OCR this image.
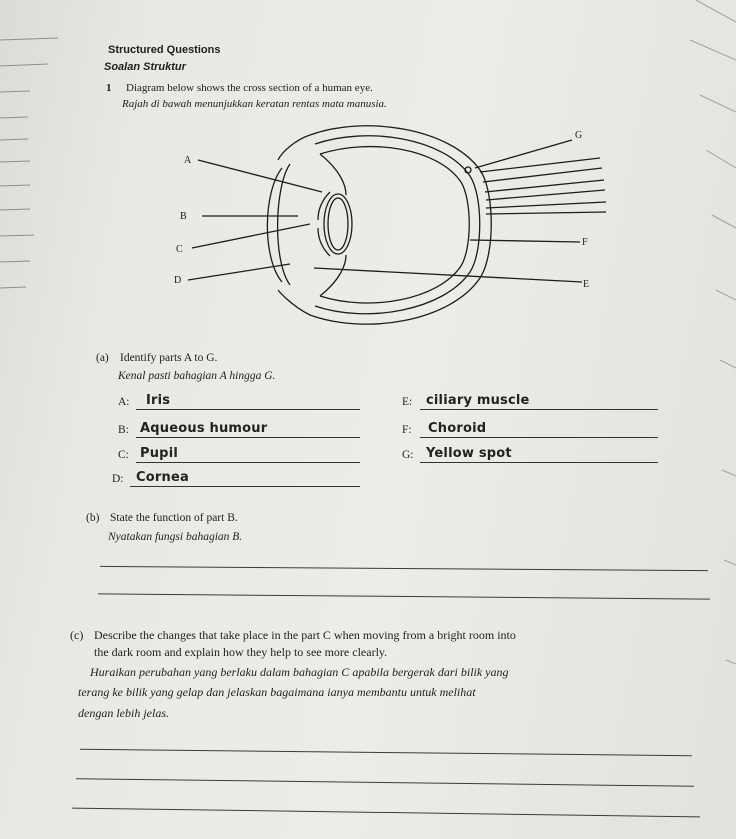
Structured Questions
Soalan Struktur
1 Diagram below shows the cross section of a human eye.
Rajah di bawah menunjukkan keratan rentas mata manusia.
A
B
C
D	E
F
G
(a) Identify parts A to G.
Kenal pasti bahagian A hingga G.
A: Iris
B: Aqueous humour
C: Pupil
D: Cornea
E: ciliary muscle
F: Choroid
G: Yellow spot
(b) State the function of part B.
Nyatakan fungsi bahagian B.
(c) Describe the changes that take place in the part C when moving from a bright room into
the dark room and explain how they help to see more clearly.
Huraikan perubahan yang berlaku dalam bahagian C apabila bergerak dari bilik yang
terang ke bilik yang gelap dan jelaskan bagaimana ianya membantu untuk melihat
dengan lebih jelas.
